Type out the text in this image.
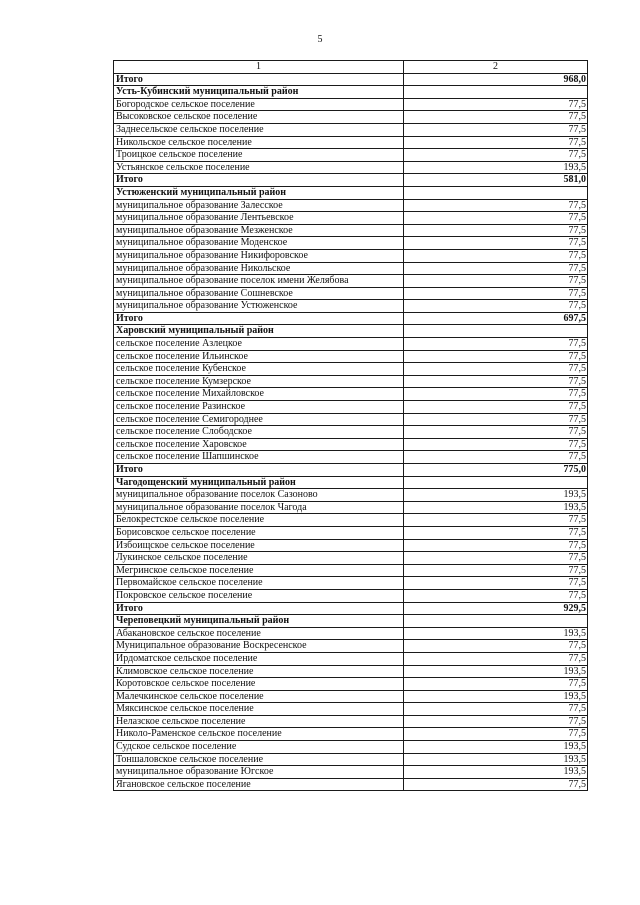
5
1	2
Итого	968,0
Усть-Кубинский муниципальный район	
Богородское сельское поселение	77,5
Высоковское сельское поселение	77,5
Заднесельское сельское поселение	77,5
Никольское сельское поселение	77,5
Троицкое сельское поселение	77,5
Устьянское сельское поселение	193,5
Итого	581,0
Устюженский муниципальный район	
муниципальное образование Залесское	77,5
муниципальное образование Лентьевское	77,5
муниципальное образование Мезженское	77,5
муниципальное образование Моденское	77,5
муниципальное образование Никифоровское	77,5
муниципальное образование Никольское	77,5
муниципальное образование поселок имени Желябова	77,5
муниципальное образование Сошневское	77,5
муниципальное образование Устюженское	77,5
Итого	697,5
Харовский муниципальный район	
сельское поселение Азлецкое	77,5
сельское поселение Ильинское	77,5
сельское поселение Кубенское	77,5
сельское поселение Кумзерское	77,5
сельское поселение Михайловское	77,5
сельское поселение Разинское	77,5
сельское поселение Семигороднее	77,5
сельское поселение Слободское	77,5
сельское поселение Харовское	77,5
сельское поселение Шапшинское	77,5
Итого	775,0
Чагодощенский муниципальный район	
муниципальное образование поселок Сазоново	193,5
муниципальное образование поселок Чагода	193,5
Белокрестское сельское поселение	77,5
Борисовское сельское поселение	77,5
Избоищское сельское поселение	77,5
Лукинское сельское поселение	77,5
Мегринское сельское поселение	77,5
Первомайское сельское поселение	77,5
Покровское сельское поселение	77,5
Итого	929,5
Череповецкий муниципальный район	
Абакановское сельское поселение	193,5
Муниципальное образование Воскресенское	77,5
Ирдоматское сельское поселение	77,5
Климовское сельское поселение	193,5
Коротовское сельское поселение	77,5
Малечкинское сельское поселение	193,5
Мяксинское сельское поселение	77,5
Нелазское сельское поселение	77,5
Николо-Раменское сельское поселение	77,5
Судское сельское поселение	193,5
Тоншаловское сельское поселение	193,5
муниципальное образование Югское	193,5
Ягановское сельское поселение	77,5
